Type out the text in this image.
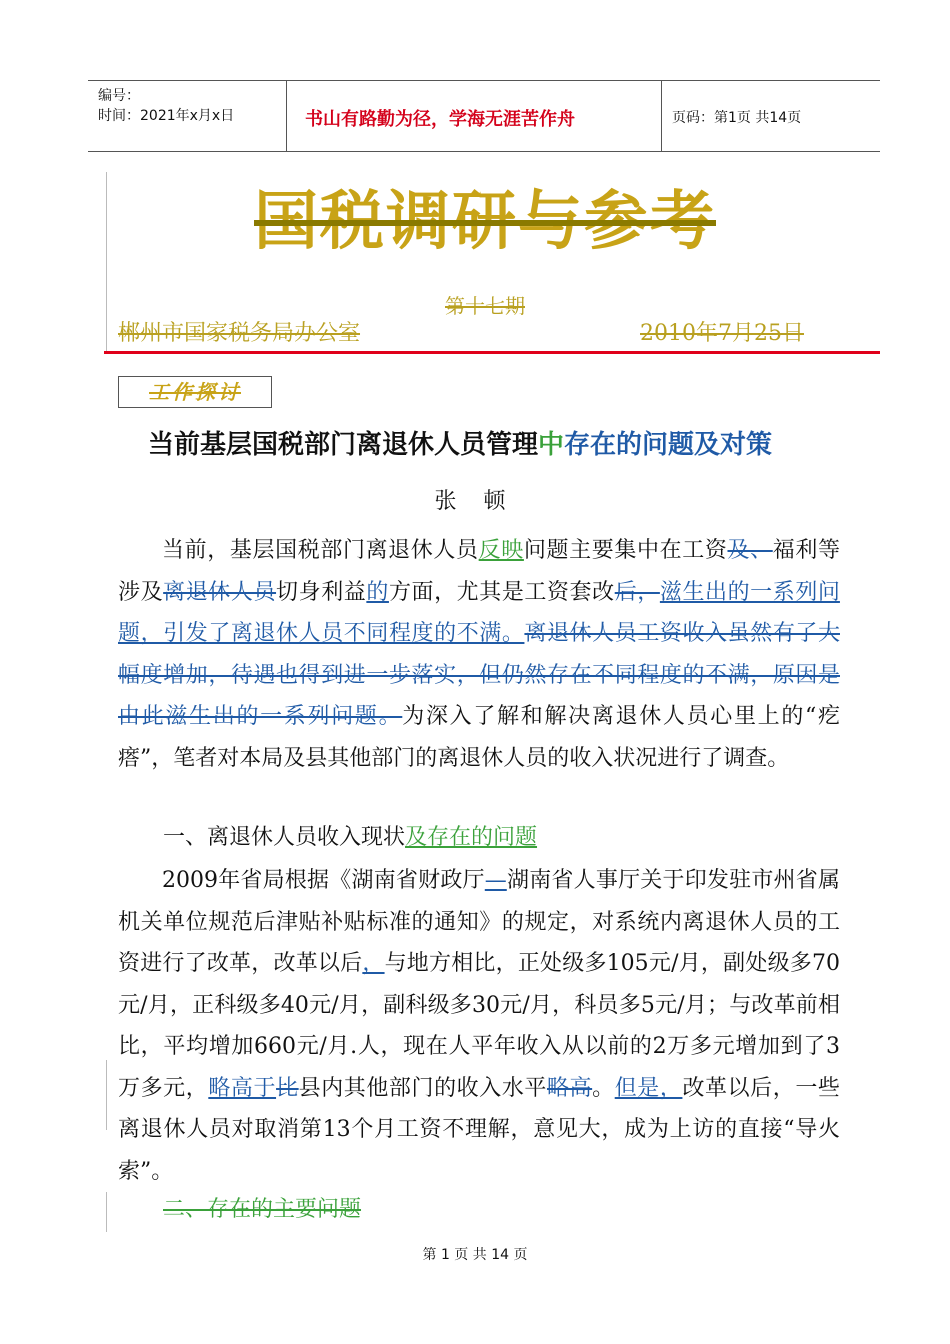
编号：
时间：2021年x月x日	书山有路勤为径，学海无涯苦作舟	页码：第1页 共14页
国税调研与参考
第十七期
郴州市国家税务局办公室	2010年7月25日
工作探讨
当前基层国税部门离退休人员管理中存在的问题及对策
张 顿

当前，基层国税部门离退休人员反映问题主要集中在工资及、福利等涉及离退休人员切身利益的方面，尤其是工资套改后，滋生出的一系列问题，引发了离退休人员不同程度的不满。离退休人员工资收入虽然有了大幅度增加，待遇也得到进一步落实，但仍然存在不同程度的不满，原因是由此滋生出的一系列问题。为深入了解和解决离退休人员心里上的“疙瘩”，笔者对本局及县其他部门的离退休人员的收入状况进行了调查。

一、离退休人员收入现状及存在的问题

2009年省局根据《湖南省财政厅—湖南省人事厅关于印发驻市州省属机关单位规范后津贴补贴标准的通知》的规定，对系统内离退休人员的工资进行了改革，改革以后，与地方相比，正处级多105元/月，副处级多70元/月，正科级多40元/月，副科级多30元/月，科员多5元/月；与改革前相比，平均增加660元/月.人，现在人平年收入从以前的2万多元增加到了3万多元，略高于比县内其他部门的收入水平略高。但是，改革以后，一些离退休人员对取消第13个月工资不理解，意见大，成为上访的直接“导火索”。

二、存在的主要问题
第 1 页 共 14 页
